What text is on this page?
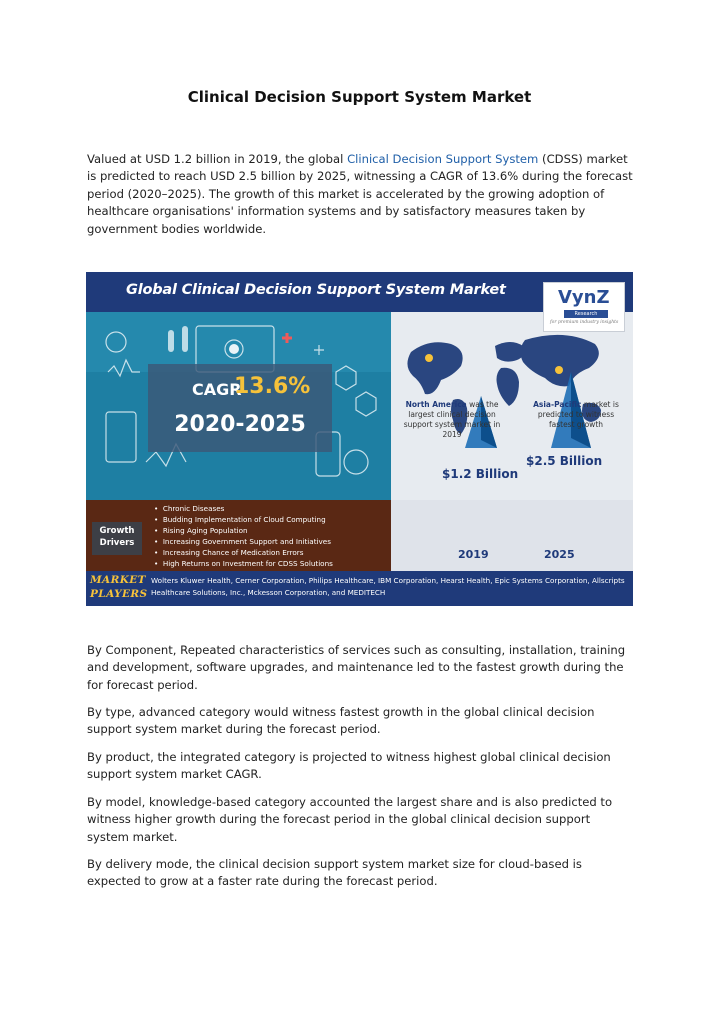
Clinical Decision Support System Market
Valued at USD 1.2 billion in 2019, the global Clinical Decision Support System (CDSS) market is predicted to reach USD 2.5 billion by 2025, witnessing a CAGR of 13.6% during the forecast period (2020–2025). The growth of this market is accelerated by the growing adoption of healthcare organisations' information systems and by satisfactory measures taken by government bodies worldwide.
Global Clinical Decision Support System Market
CAGR
13.6%
2020-2025
VynZ
Research
for premium industry insights
North America was the largest clinical decision support system market in 2019
Asia-Pacific market is predicted to witness fastest growth
$1.2 Billion
$2.5 Billion
2019	2025
Growth Drivers
•  Chronic Diseases
•  Budding Implementation of Cloud Computing
•  Rising Aging Population
•  Increasing Government Support and Initiatives
•  Increasing Chance of Medication Errors
•  High Returns on Investment for CDSS Solutions
MARKET PLAYERS
Wolters Kluwer Health, Cerner Corporation, Philips Healthcare, IBM Corporation, Hearst Health, Epic Systems Corporation, Allscripts Healthcare Solutions, Inc., Mckesson Corporation, and MEDITECH
By Component, Repeated characteristics of services such as consulting, installation, training and development, software upgrades, and maintenance led to the fastest growth during the for forecast period.
By type, advanced category would witness fastest growth in the global clinical decision support system market during the forecast period.
By product, the integrated category is projected to witness highest global clinical decision support system market CAGR.
By model, knowledge-based category accounted the largest share and is also predicted to witness higher growth during the forecast period in the global clinical decision support system market.
By delivery mode, the clinical decision support system market size for cloud-based is expected to grow at a faster rate during the forecast period.
